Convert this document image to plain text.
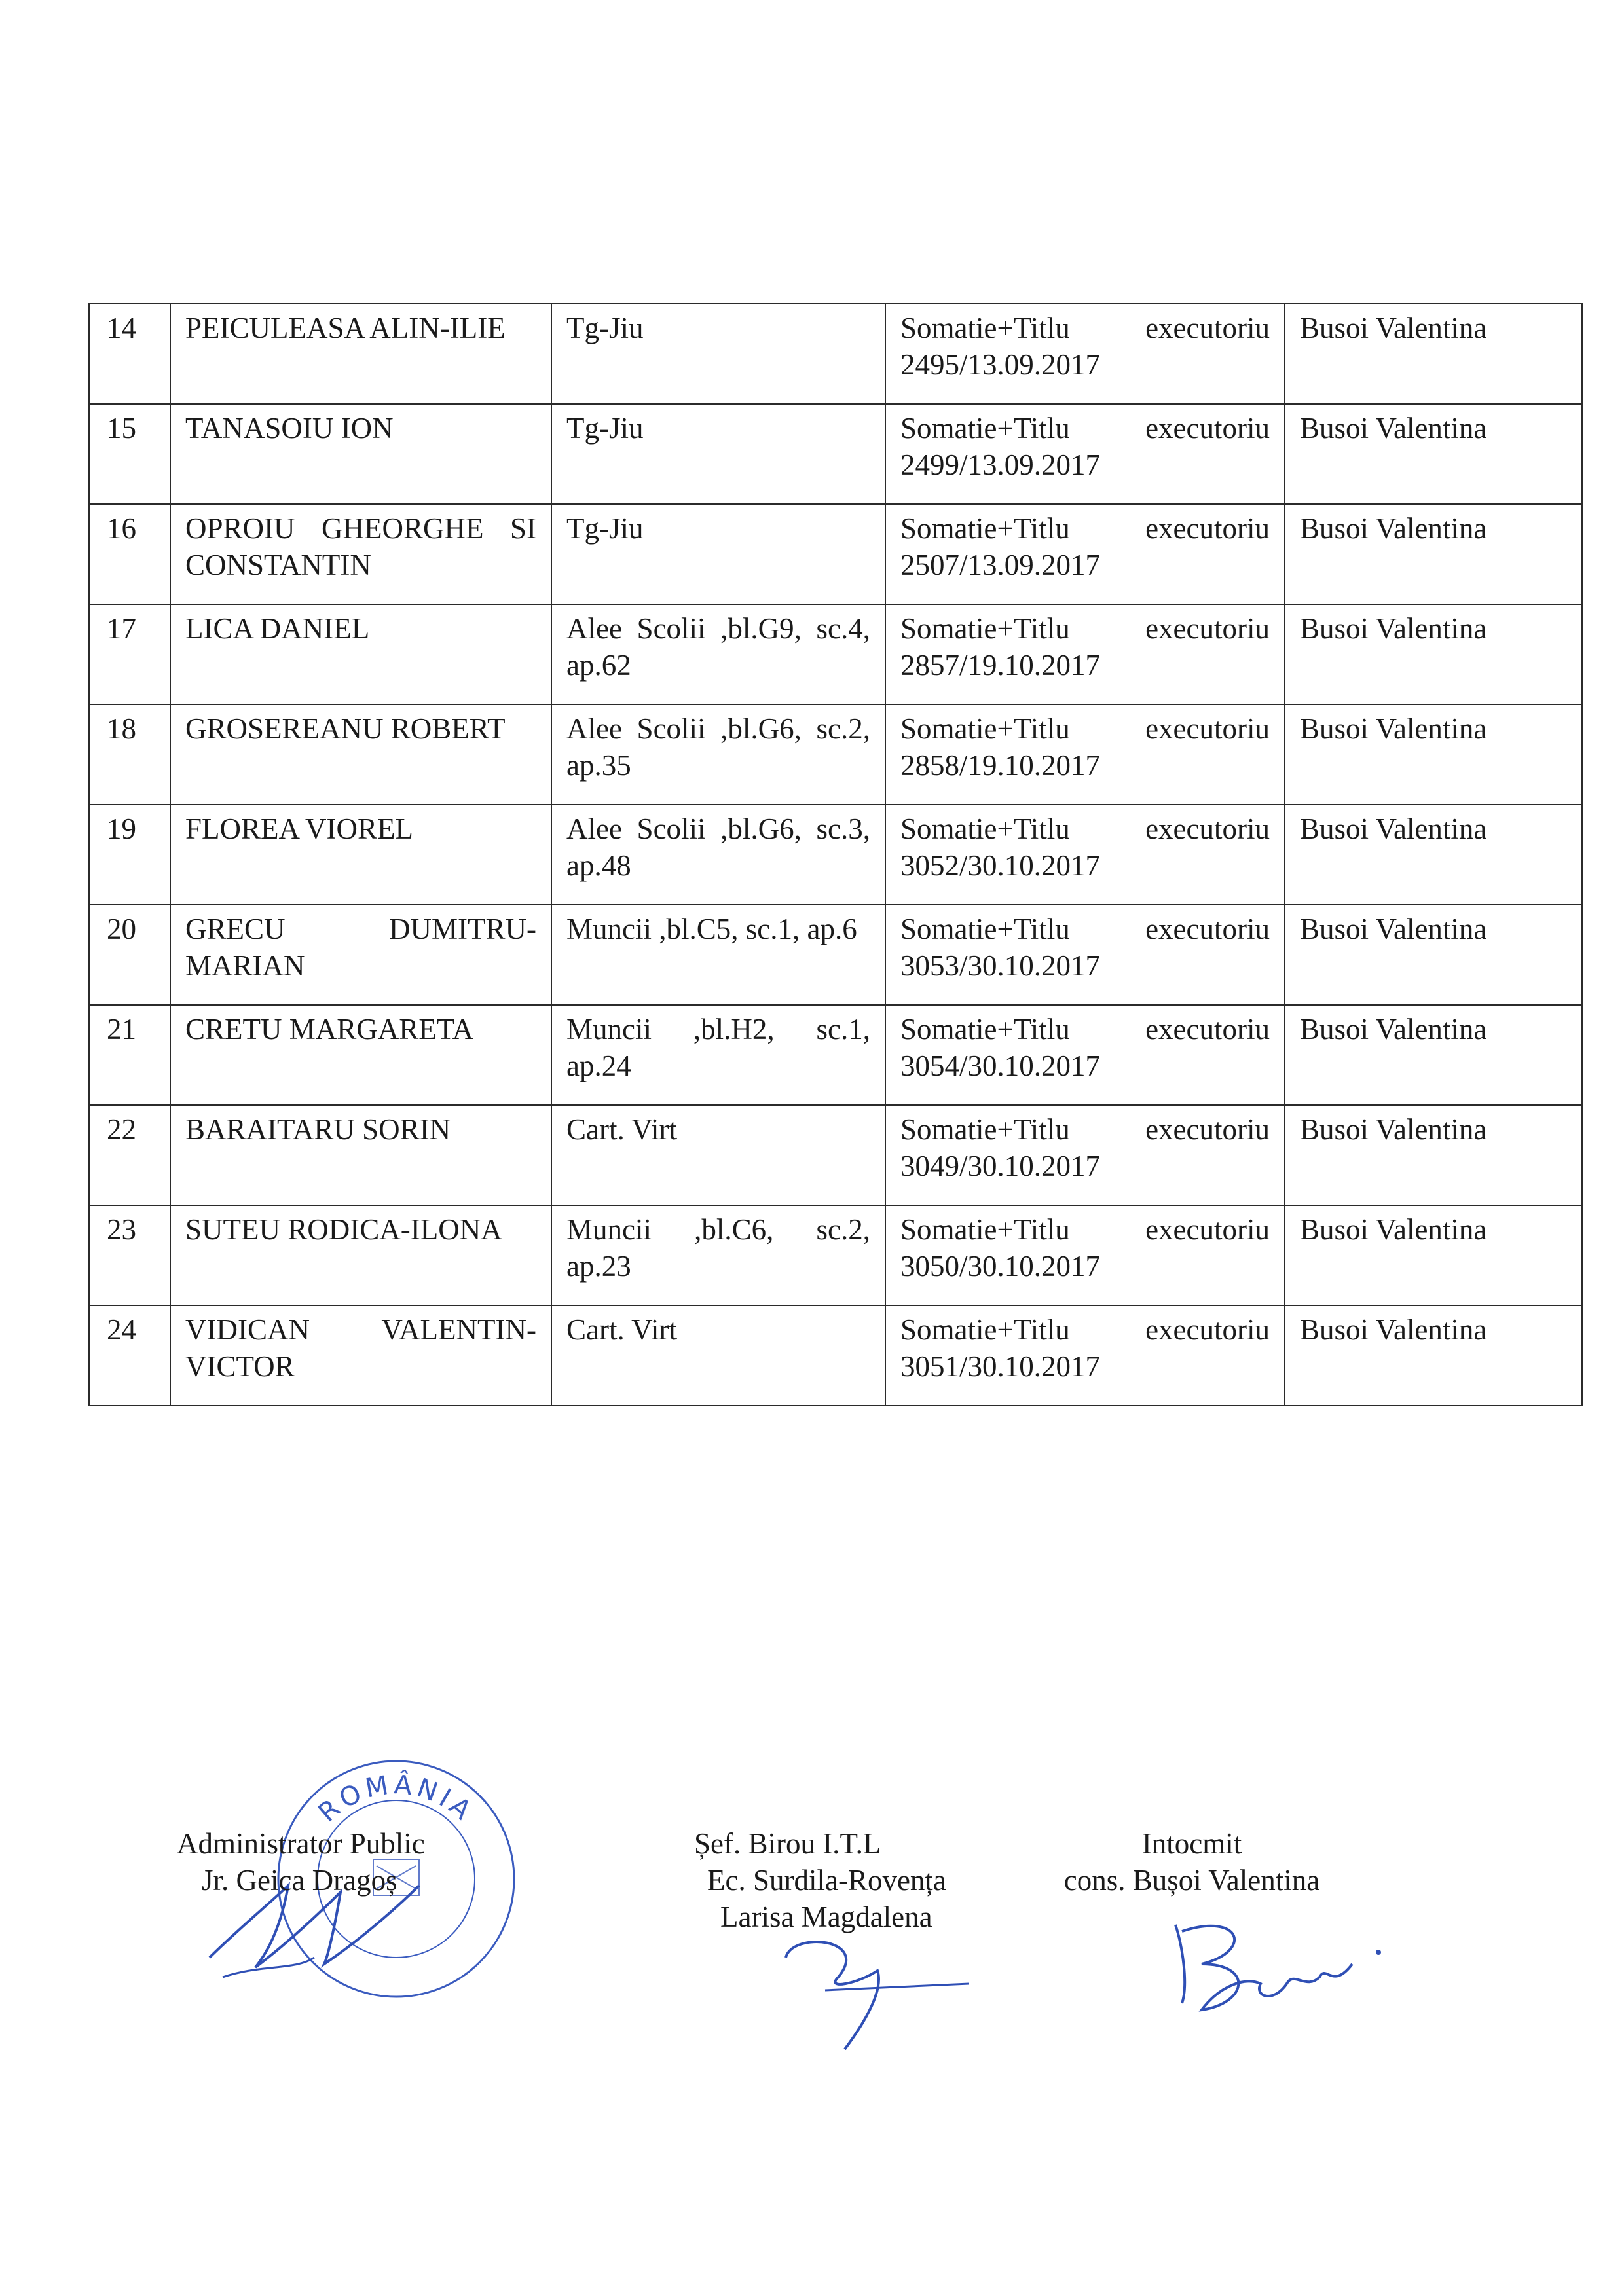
14	PEICULEASA ALIN-ILIE	Tg-Jiu	Somatie+Titlu executoriu
2495/13.09.2017	Busoi Valentina
15	TANASOIU ION	Tg-Jiu	Somatie+Titlu executoriu
2499/13.09.2017	Busoi Valentina
16	OPROIU GHEORGHE SI CONSTANTIN	Tg-Jiu	Somatie+Titlu executoriu
2507/13.09.2017	Busoi Valentina
17	LICA DANIEL	Alee Scolii ,bl.G9, sc.4, ap.62	Somatie+Titlu executoriu
2857/19.10.2017	Busoi Valentina
18	GROSEREANU ROBERT	Alee Scolii ,bl.G6, sc.2, ap.35	Somatie+Titlu executoriu
2858/19.10.2017	Busoi Valentina
19	FLOREA VIOREL	Alee Scolii ,bl.G6, sc.3, ap.48	Somatie+Titlu executoriu
3052/30.10.2017	Busoi Valentina
20	GRECU DUMITRU-MARIAN	Muncii ,bl.C5, sc.1, ap.6	Somatie+Titlu executoriu
3053/30.10.2017	Busoi Valentina
21	CRETU MARGARETA	Muncii ,bl.H2, sc.1, ap.24	Somatie+Titlu executoriu
3054/30.10.2017	Busoi Valentina
22	BARAITARU SORIN	Cart. Virt	Somatie+Titlu executoriu
3049/30.10.2017	Busoi Valentina
23	SUTEU RODICA-ILONA	Muncii ,bl.C6, sc.2, ap.23	Somatie+Titlu executoriu
3050/30.10.2017	Busoi Valentina
24	VIDICAN VALENTIN-VICTOR	Cart. Virt	Somatie+Titlu executoriu
3051/30.10.2017	Busoi Valentina
ROMÂNIA
Administrator Public
Jr. Geica Dragoș
Șef. Birou I.T.L
Ec. Surdila-Rovența
Larisa Magdalena
Intocmit
cons. Bușoi Valentina
